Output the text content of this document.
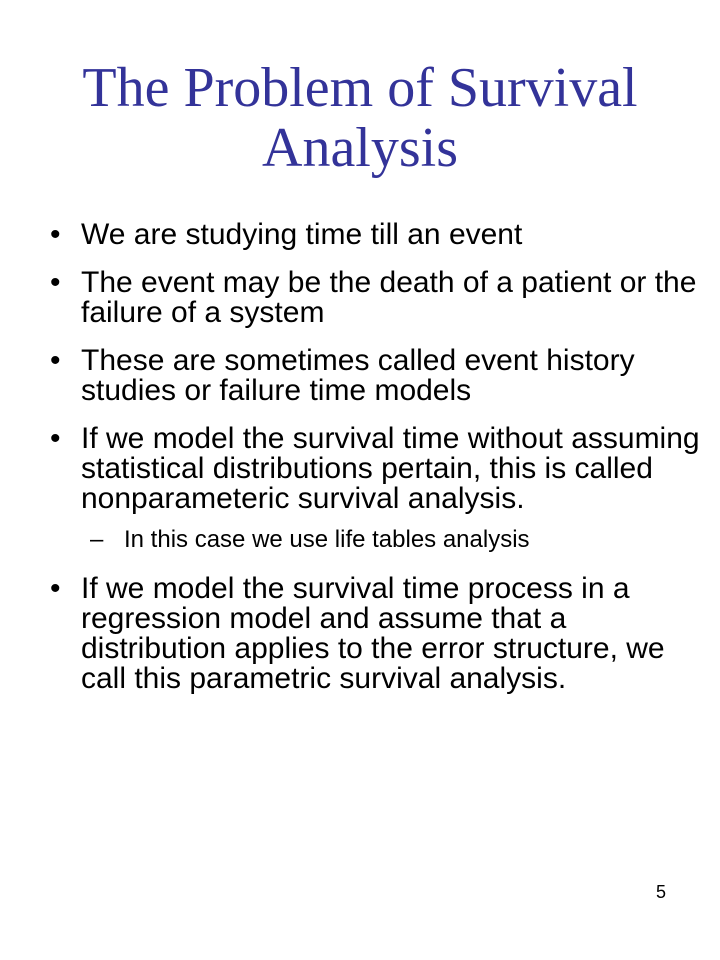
The Problem of Survival
Analysis
• We are studying time till an event
• The event may be the death of a patient or the failure of a system
• These are sometimes called event history studies or failure time models
• If we model the survival time without assuming statistical distributions pertain, this is called nonparameteric survival analysis.
– In this case we use life tables analysis
• If we model the survival time process in a regression model and assume that a distribution applies to the error structure, we call this parametric survival analysis.
5
